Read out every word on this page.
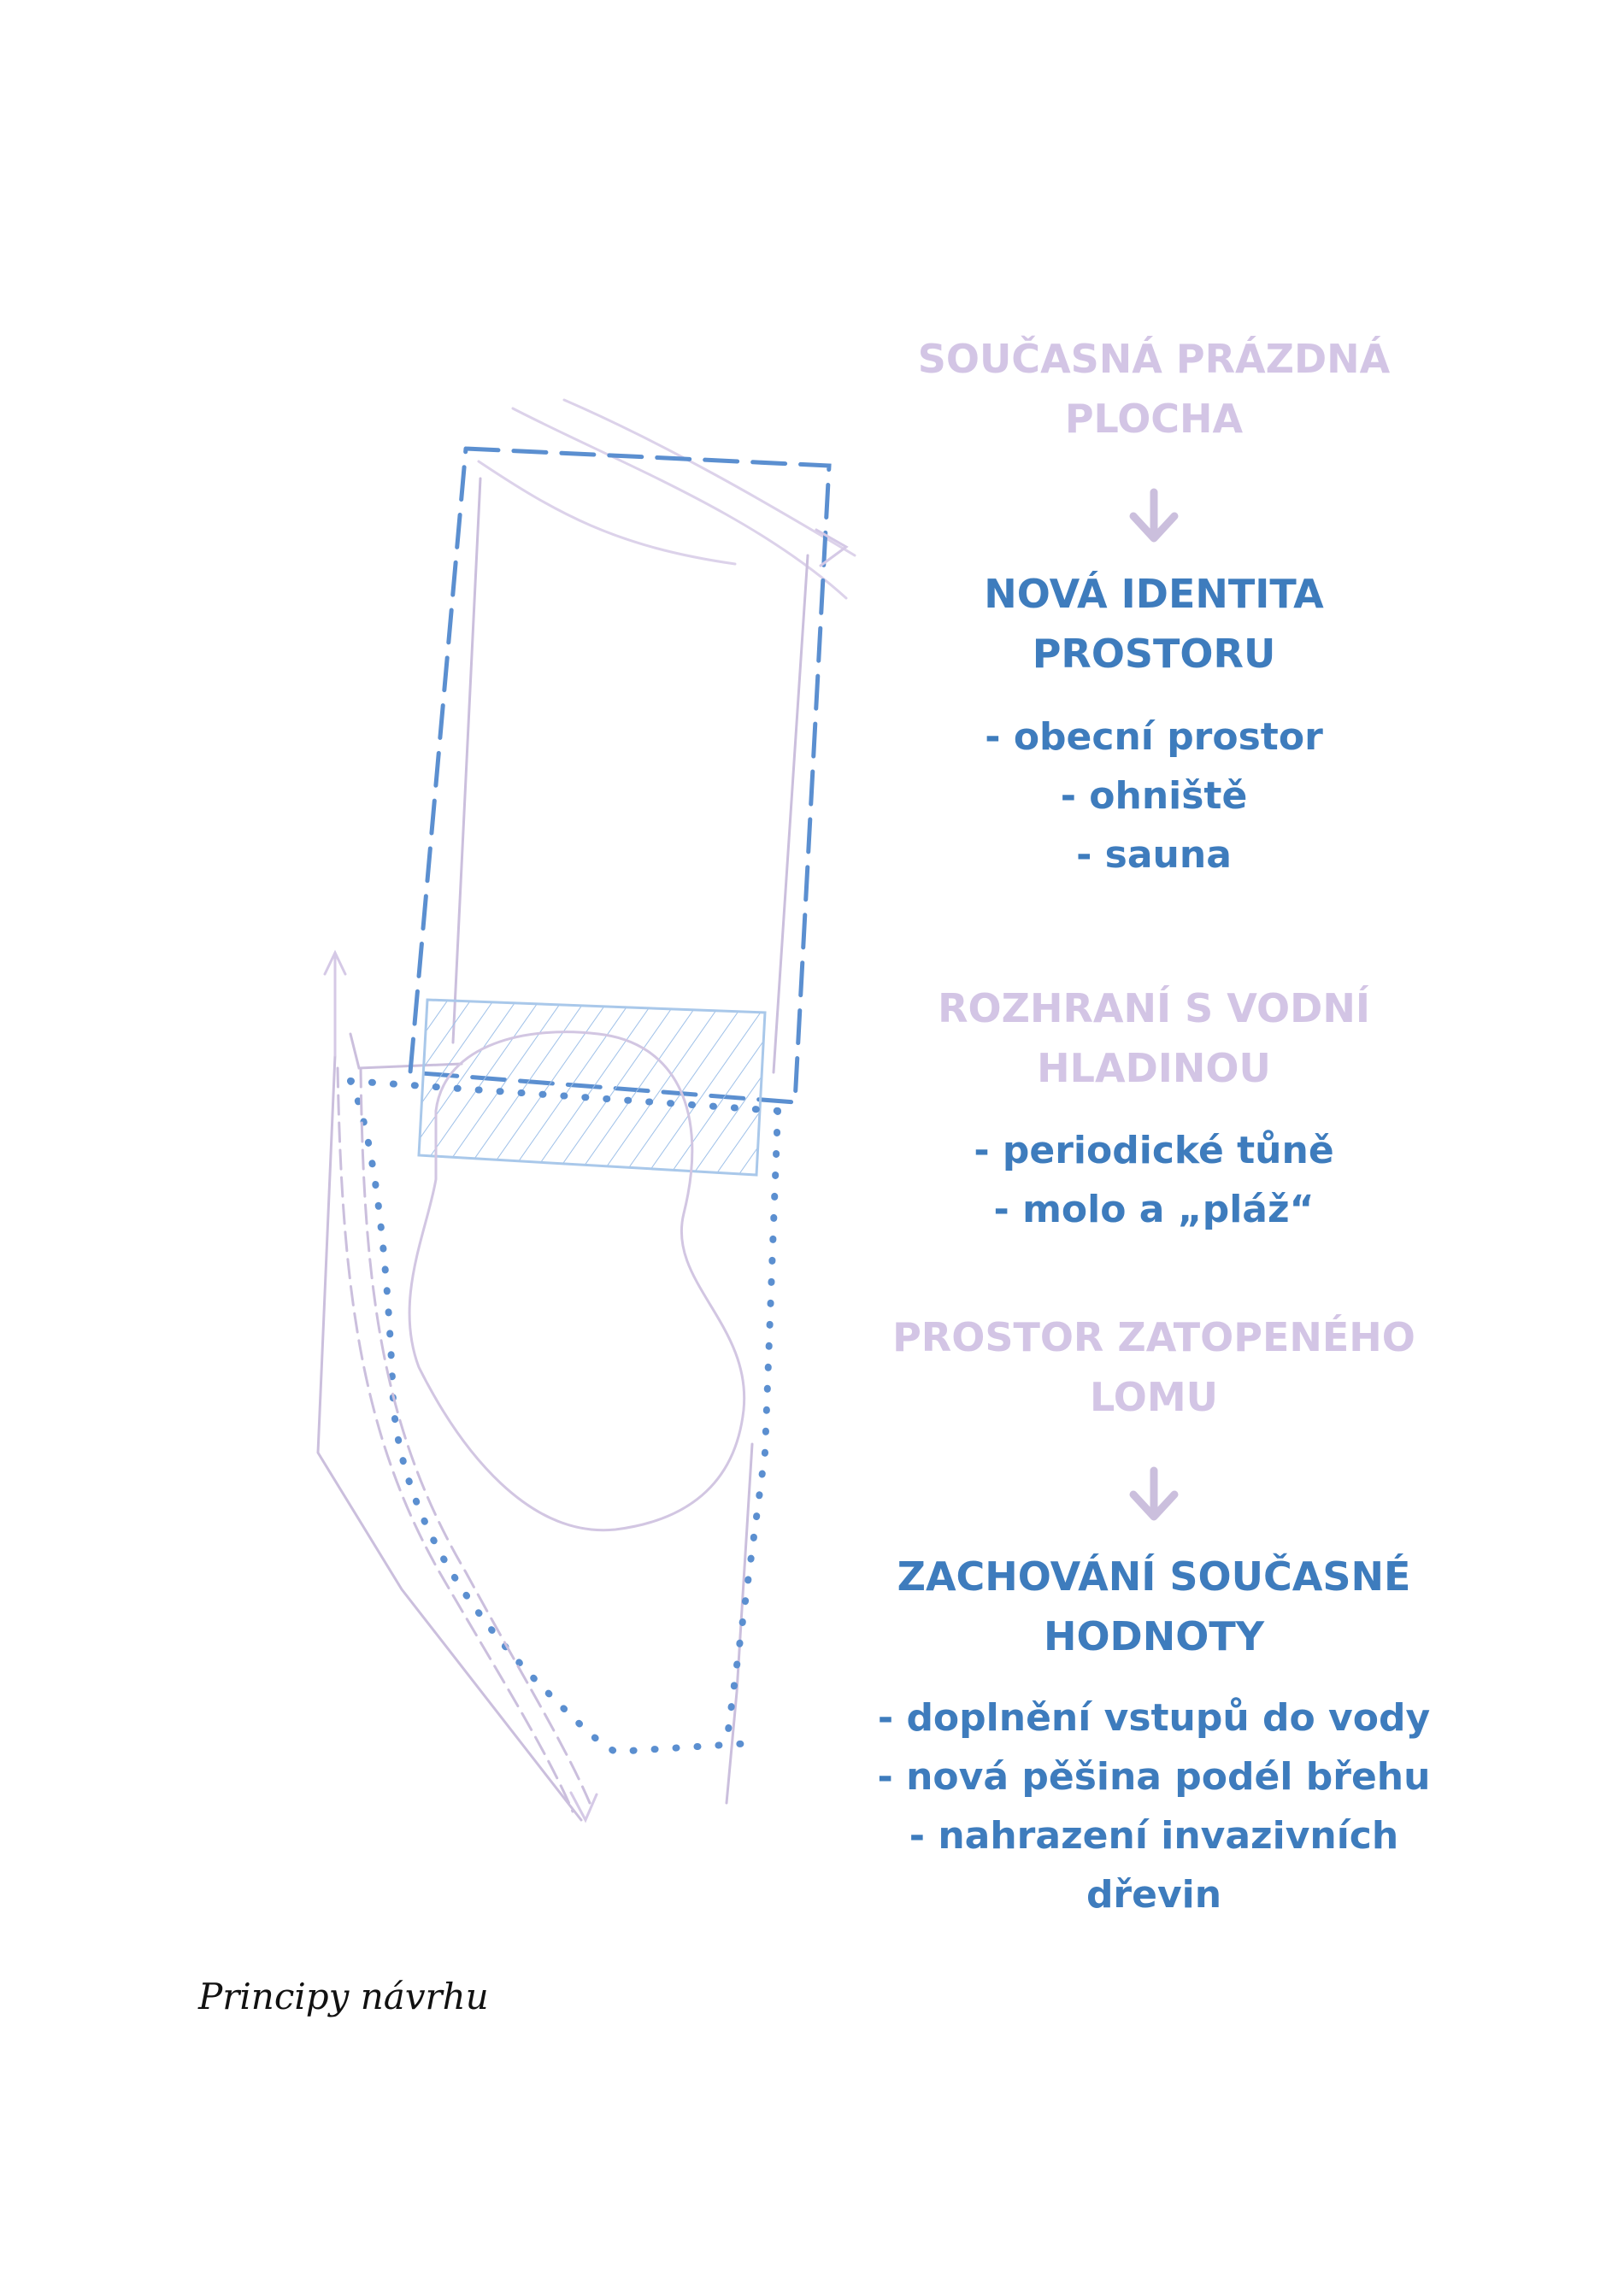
SOUČASNÁ PRÁZDNÁ
PLOCHA
NOVÁ IDENTITA
PROSTORU
- obecní prostor
- ohniště
- sauna
ROZHRANÍ S VODNÍ
HLADINOU
- periodické tůně
- molo a „pláž“
PROSTOR ZATOPENÉHO
LOMU
ZACHOVÁNÍ SOUČASNÉ
HODNOTY
- doplnění vstupů do vody
- nová pěšina podél břehu
- nahrazení invazivních
dřevin
Principy návrhu
